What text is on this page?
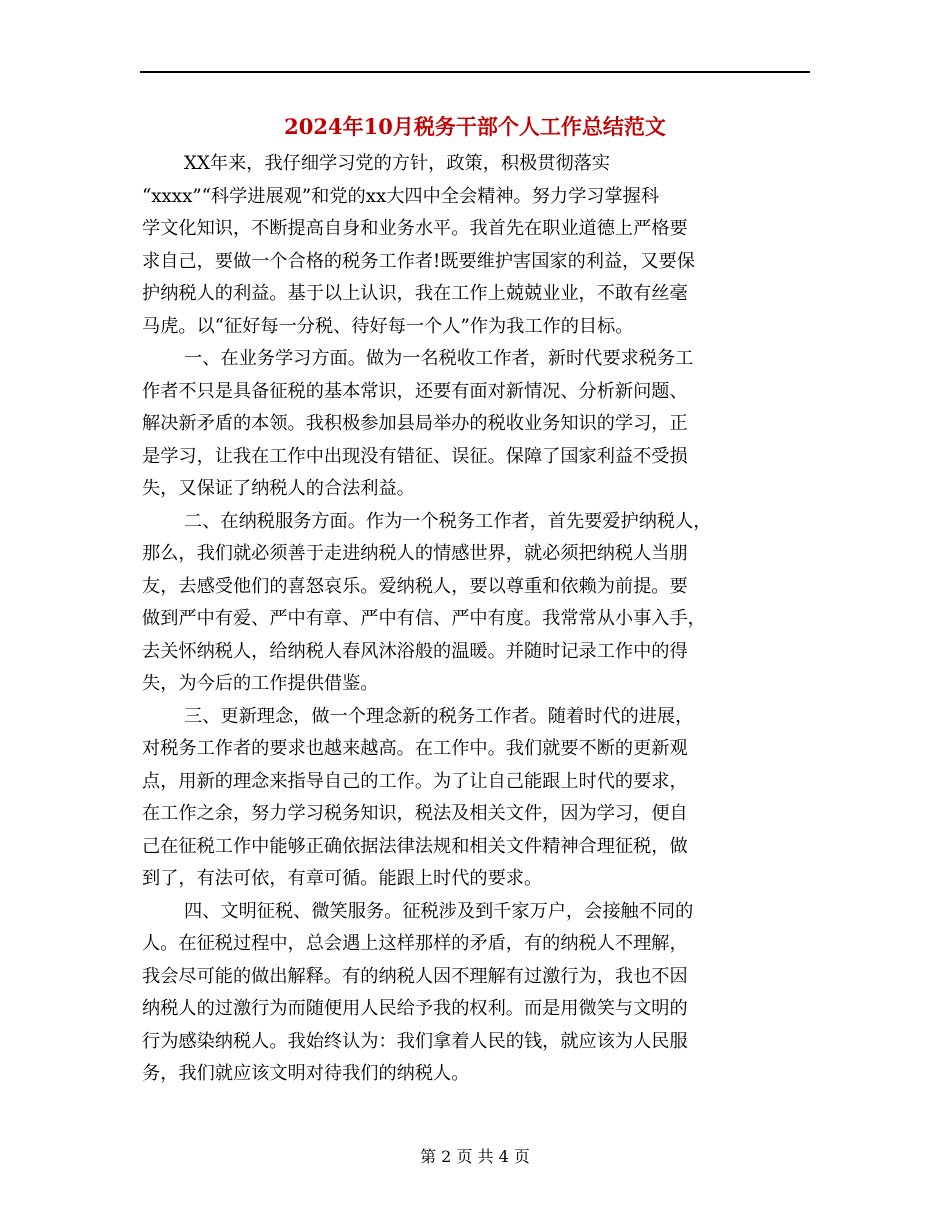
2024年10月税务干部个人工作总结范文
XX年来，我仔细学习党的方针，政策，积极贯彻落实
“xxxx”“科学进展观”和党的xx大四中全会精神。努力学习掌握科
学文化知识，不断提高自身和业务水平。我首先在职业道德上严格要
求自己，要做一个合格的税务工作者!既要维护害国家的利益，又要保
护纳税人的利益。基于以上认识，我在工作上兢兢业业，不敢有丝毫
马虎。以“征好每一分税、待好每一个人”作为我工作的目标。
一、在业务学习方面。做为一名税收工作者，新时代要求税务工
作者不只是具备征税的基本常识，还要有面对新情况、分析新问题、
解决新矛盾的本领。我积极参加县局举办的税收业务知识的学习，正
是学习，让我在工作中出现没有错征、误征。保障了国家利益不受损
失，又保证了纳税人的合法利益。
二、在纳税服务方面。作为一个税务工作者，首先要爱护纳税人，
那么，我们就必须善于走进纳税人的情感世界，就必须把纳税人当朋
友，去感受他们的喜怒哀乐。爱纳税人，要以尊重和依赖为前提。要
做到严中有爱、严中有章、严中有信、严中有度。我常常从小事入手，
去关怀纳税人，给纳税人春风沐浴般的温暖。并随时记录工作中的得
失，为今后的工作提供借鉴。
三、更新理念，做一个理念新的税务工作者。随着时代的进展，
对税务工作者的要求也越来越高。在工作中。我们就要不断的更新观
点，用新的理念来指导自己的工作。为了让自己能跟上时代的要求，
在工作之余，努力学习税务知识，税法及相关文件，因为学习，便自
己在征税工作中能够正确依据法律法规和相关文件精神合理征税，做
到了，有法可依，有章可循。能跟上时代的要求。
四、文明征税、微笑服务。征税涉及到千家万户，会接触不同的
人。在征税过程中，总会遇上这样那样的矛盾，有的纳税人不理解，
我会尽可能的做出解释。有的纳税人因不理解有过激行为，我也不因
纳税人的过激行为而随便用人民给予我的权利。而是用微笑与文明的
行为感染纳税人。我始终认为：我们拿着人民的钱，就应该为人民服
务，我们就应该文明对待我们的纳税人。
第 2 页 共 4 页
